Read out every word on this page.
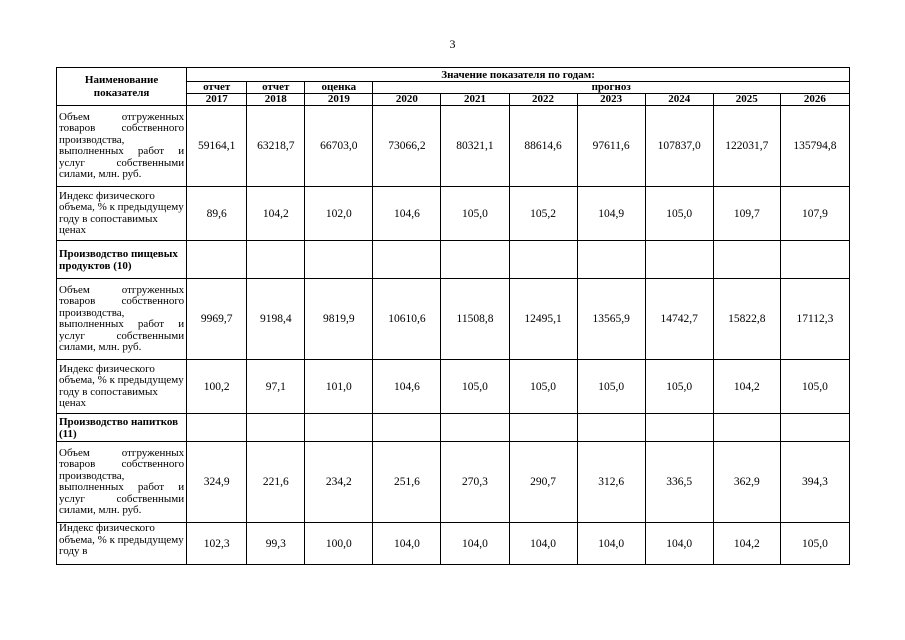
3
Наименование показателя	Значение показателя по годам:									
	отчет	отчет	оценка	прогноз						
	2017	2018	2019	2020	2021	2022	2023	2024	2025	2026
Объем отгруженных товаров собственного производства, выполненных работ и услуг собственными силами, млн. руб.	59164,1	63218,7	66703,0	73066,2	80321,1	88614,6	97611,6	107837,0	122031,7	135794,8
Индекс физического объема, % к предыдущему году в сопоставимых ценах	89,6	104,2	102,0	104,6	105,0	105,2	104,9	105,0	109,7	107,9
Производство пищевых продуктов (10)										
Объем отгруженных товаров собственного производства, выполненных работ и услуг собственными силами, млн. руб.	9969,7	9198,4	9819,9	10610,6	11508,8	12495,1	13565,9	14742,7	15822,8	17112,3
Индекс физического объема, % к предыдущему году в сопоставимых ценах	100,2	97,1	101,0	104,6	105,0	105,0	105,0	105,0	104,2	105,0
Производство напитков (11)										
Объем отгруженных товаров собственного производства, выполненных работ и услуг собственными силами, млн. руб.	324,9	221,6	234,2	251,6	270,3	290,7	312,6	336,5	362,9	394,3
Индекс физического объема, % к предыдущему году в	102,3	99,3	100,0	104,0	104,0	104,0	104,0	104,0	104,2	105,0
